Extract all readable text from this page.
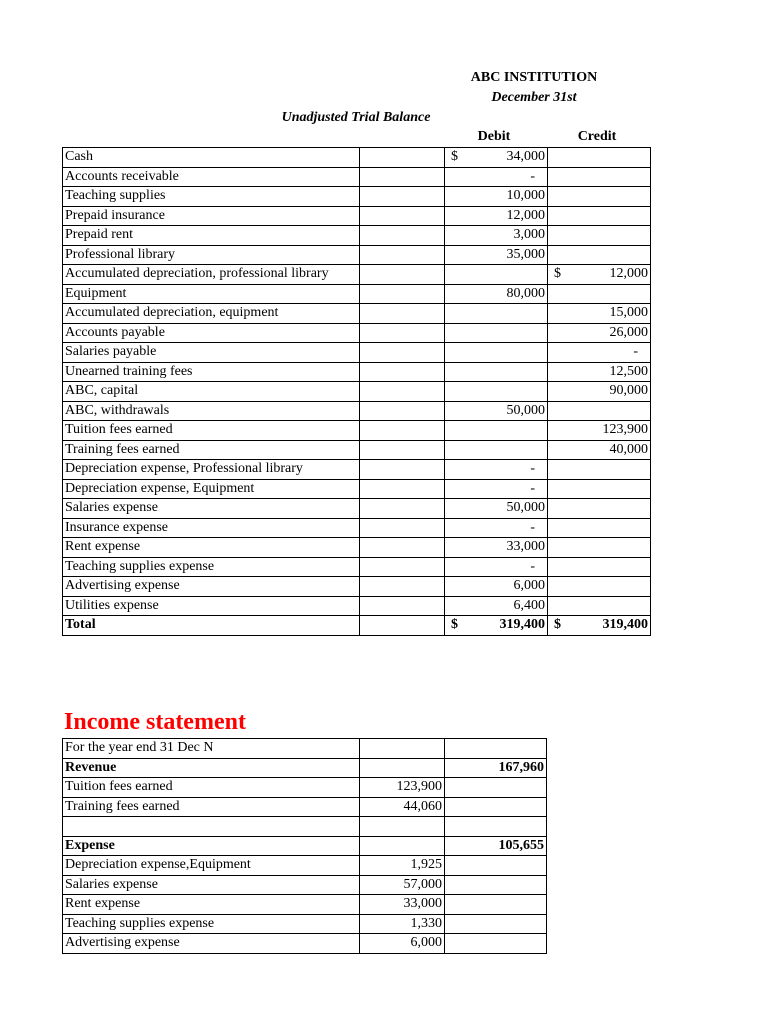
ABC INSTITUTION
December 31st
Unadjusted Trial Balance
Debit	Credit
Cash		$ 34,000	

Accounts receivable		-	

Teaching supplies		10,000	

Prepaid insurance		12,000	

Prepaid rent		3,000	

Professional library		35,000	

Accumulated depreciation, professional library			$ 12,000

Equipment		80,000	

Accumulated depreciation, equipment			15,000

Accounts payable			26,000

Salaries payable			-
Unearned training fees			12,500

ABC, capital			90,000

ABC, withdrawals		50,000	

Tuition fees earned			123,900

Training fees earned			40,000

Depreciation expense, Professional library		-	

Depreciation expense, Equipment		-	

Salaries expense		50,000	

Insurance expense		-	

Rent expense		33,000	

Teaching supplies expense		-	

Advertising expense		6,000	

Utilities expense		6,400	

Total		$ 319,400	$ 319,400
Income statement
For the year end 31 Dec N		
Revenue		167,960
Tuition fees earned	123,900	
Training fees earned	44,060	

Expense		105,655
Depreciation expense,Equipment	1,925	
Salaries expense	57,000	
Rent expense	33,000	
Teaching supplies expense	1,330	
Advertising expense	6,000	
